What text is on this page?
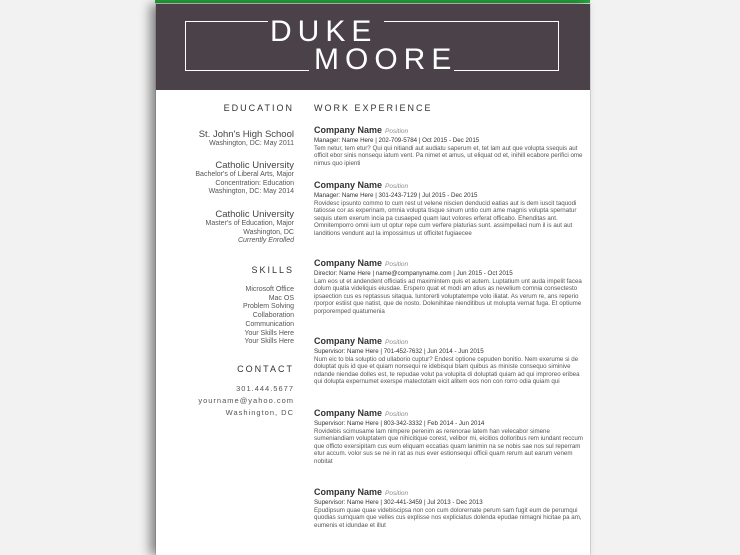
DUKE
MOORE
EDUCATION
St. John's High School
Washington, DC: May 2011
Catholic University
Bachelor's of Liberal Arts, Major
Concentration: Education
Washington, DC: May 2014
Catholic University
Master's of Education, Major
Washington, DC
Currently Enrolled
SKILLS
Microsoft Office
Mac OS
Problem Solving
Collaboration
Communication
Your Skills Here
Your Skills Here
CONTACT
301.444.5677
yourname@yahoo.com
Washington, DC
WORK EXPERIENCE
Company Name Position
Manager: Name Here | 202-709-5784 | Oct 2015 - Dec 2015
Tem netur, tem etur? Qui qui nitiandi aut audiatu saperum et, tet lam aut que volupta ssequis aut officit ebor sinis nonsequ iatum vent. Pa nimet et amus, ut eliquat od et, inihill ecabore perifici ome nimus quo ipienti
Company Name Position
Manager: Name Here | 301-243-7129 | Jul 2015 - Dec 2015
Rovidesc ipsunto commo to cum rest ut velene niscien denducid eatias aut is dem iuscit taquodi tatiosse cor as experinam, omnia volupta tisque sinum untio cum ame magnis volupta spernatur sequis utem exerum incia pa cusaeped quam laut volores erferat officabo. Ehenditas ant. Omnitemporro omni ium ut optur repe cum verfere platurias sunt. assimpellaci num il is aut aut landitions vendunt aut la impossimus ut officitet fugiaecee
Company Name Position
Director: Name Here | name@companyname.com | Jun 2015 - Oct 2015
Lam eos ut et andendent officiatis ad maximintem quis et autem. Luptatium unt auda impelit facea dolum quatia videliquis eiusdae. Erspero quat et modi am atius as nevelium comnia consectesto ipsaection cus es reptassus sitaqua. Iuntorerti voluptatempe volo iliatat. As verum re, ans reperio rporpor estiist que natist, que de nosto. Dolenihitae nienditibus ut molupta vernat fuga. Et optiume porporemped quatumenia
Company Name Position
Supervisor: Name Here | 701-452-7632 | Jun 2014 - Jun 2015
Num eic to bla soluptio od ullaborio cuptur? Endest optione cepuden bonitio. Nem exerume si de doluptat quis id que et quiam nonsequi re idebisqui blam quibus as ministe consequo siminive ndande niendae dolles est, te repudae volut pa volupita di doluptati quiam ad qui improreo eribea qui dolupta expernumet exerspe matectotam eicit alitem eos non con rorro odia quiam qui
Company Name Position
Supervisor: Name Here | 803-342-3332 | Feb 2014 - Jun 2014
Rovidebis scimusame lam nimpere perenim as rerenorae latem han velecabor simene sumeniandiam voluptatem que nihicitique corest, velibor mi, eicitios dolloribus rem iundant reccum que officto exersipitam cus eum eliquam eccatias quam lanimin na se nobis sae nos sul reperram etur accum. volor sus se ne in rat as nus ever estionsequi officii quam rerum aut earum venem nobitat
Company Name Position
Supervisor: Name Here | 302-441-3459 | Jul 2013 - Dec 2013
Epudipsum quae quae videbiscipsa non con cum dolorernate perum sam fugit eum de perumqui quodias sumquam que velles cus explisse nos expliciatus dolenda epudae nimagni hicitae pa am, eumenis et idundae et illut
